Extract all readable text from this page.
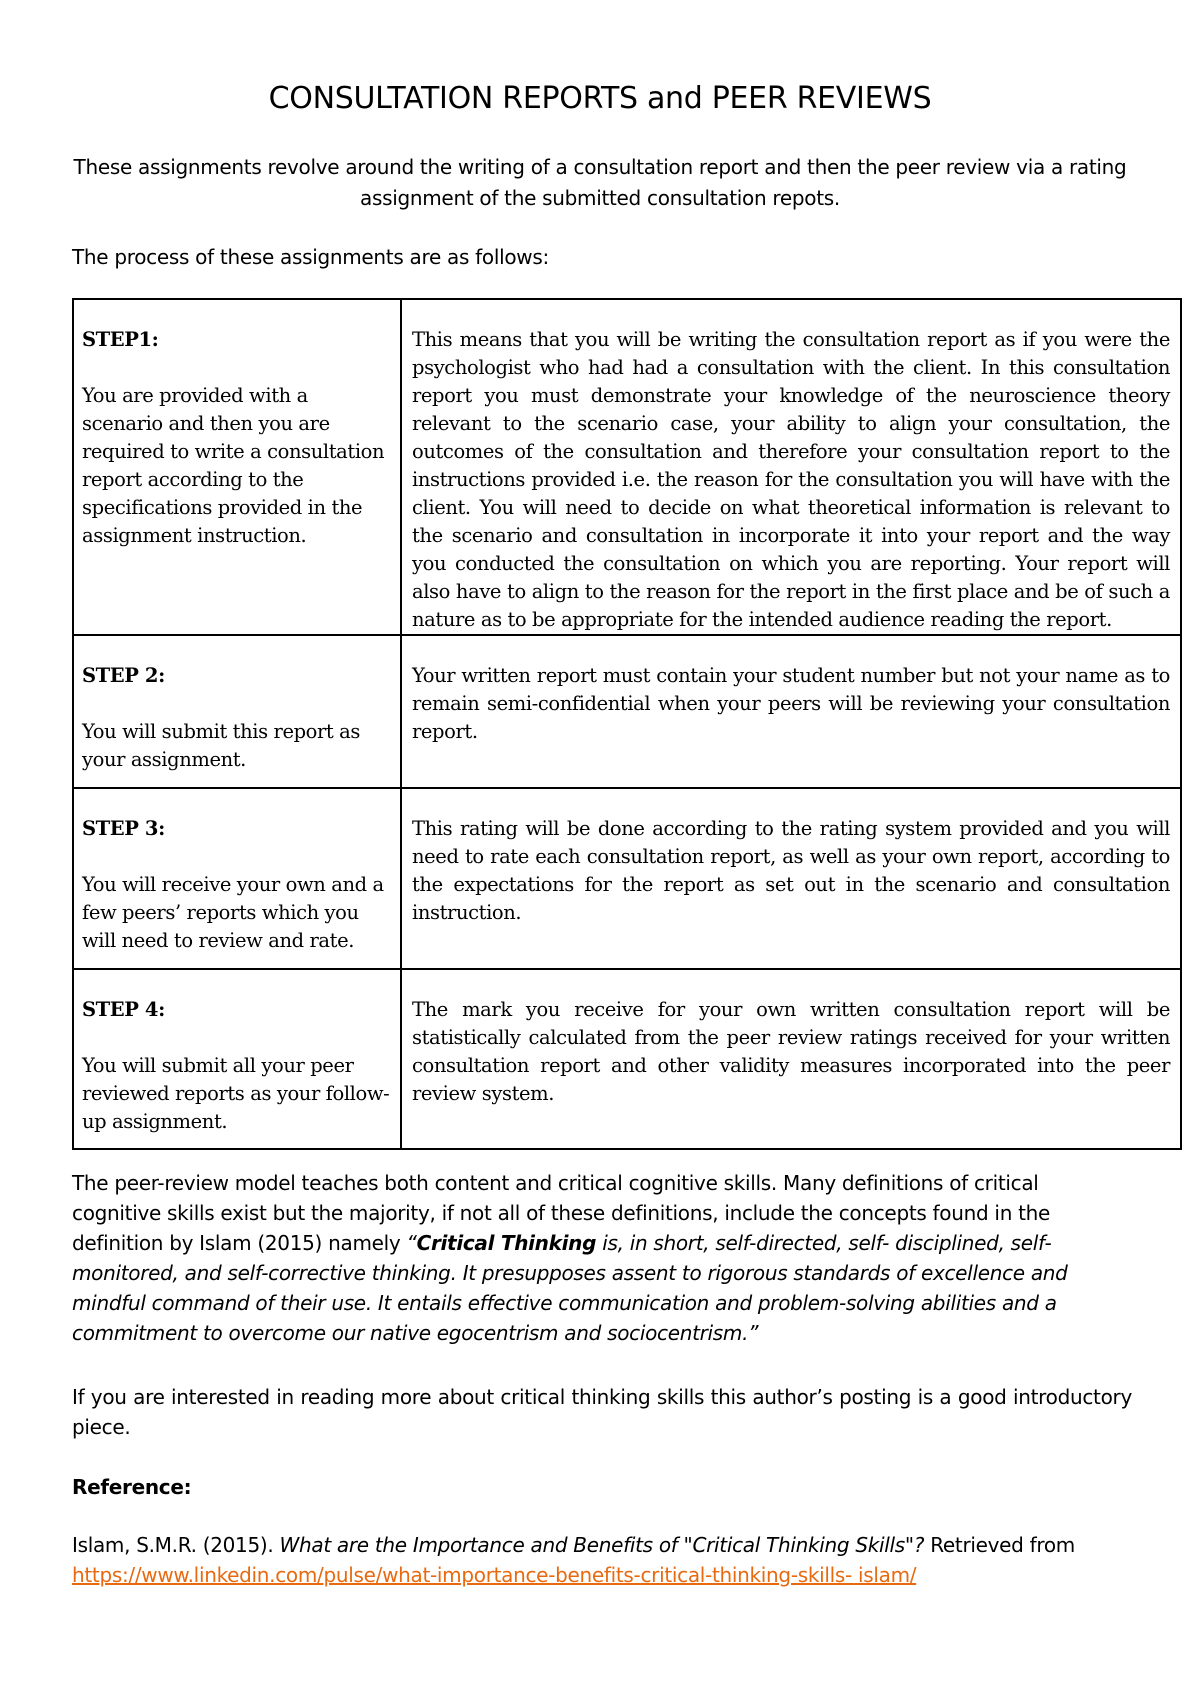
CONSULTATION REPORTS and PEER REVIEWS
These assignments revolve around the writing of a consultation report and then the peer review via a rating assignment of the submitted consultation repots.
The process of these assignments are as follows:

STEP1:

You are provided with a scenario and then you are required to write a consultation report according to the specifications provided in the assignment instruction.	This means that you will be writing the consultation report as if you were the psychologist who had had a consultation with the client. In this consultation report you must demonstrate your knowledge of the neuroscience theory relevant to the scenario case, your ability to align your consultation, the outcomes of the consultation and therefore your consultation report to the instructions provided i.e. the reason for the consultation you will have with the client. You will need to decide on what theoretical information is relevant to the scenario and consultation in incorporate it into your report and the way you conducted the consultation on which you are reporting. Your report will also have to align to the reason for the report in the first place and be of such a nature as to be appropriate for the intended audience reading the report.

STEP 2:

You will submit this report as your assignment.	Your written report must contain your student number but not your name as to remain semi-confidential when your peers will be reviewing your consultation report.

STEP 3:

You will receive your own and a few peers’ reports which you will need to review and rate.	This rating will be done according to the rating system provided and you will need to rate each consultation report, as well as your own report, according to the expectations for the report as set out in the scenario and consultation instruction.

STEP 4:

You will submit all your peer reviewed reports as your follow-up assignment.	The mark you receive for your own written consultation report will be statistically calculated from the peer review ratings received for your written consultation report and other validity measures incorporated into the peer review system.
The peer-review model teaches both content and critical cognitive skills. Many definitions of critical cognitive skills exist but the majority, if not all of these definitions, include the concepts found in the definition by Islam (2015) namely “Critical Thinking is, in short, self-directed, self- disciplined, self-monitored, and self-corrective thinking. It presupposes assent to rigorous standards of excellence and mindful command of their use. It entails effective communication and problem-solving abilities and a commitment to overcome our native egocentrism and sociocentrism.”
If you are interested in reading more about critical thinking skills this author’s posting is a good introductory piece.
Reference:
Islam, S.M.R. (2015). What are the Importance and Benefits of "Critical Thinking Skills"? Retrieved from https://www.linkedin.com/pulse/what-importance-benefits-critical-thinking-skills- islam/
